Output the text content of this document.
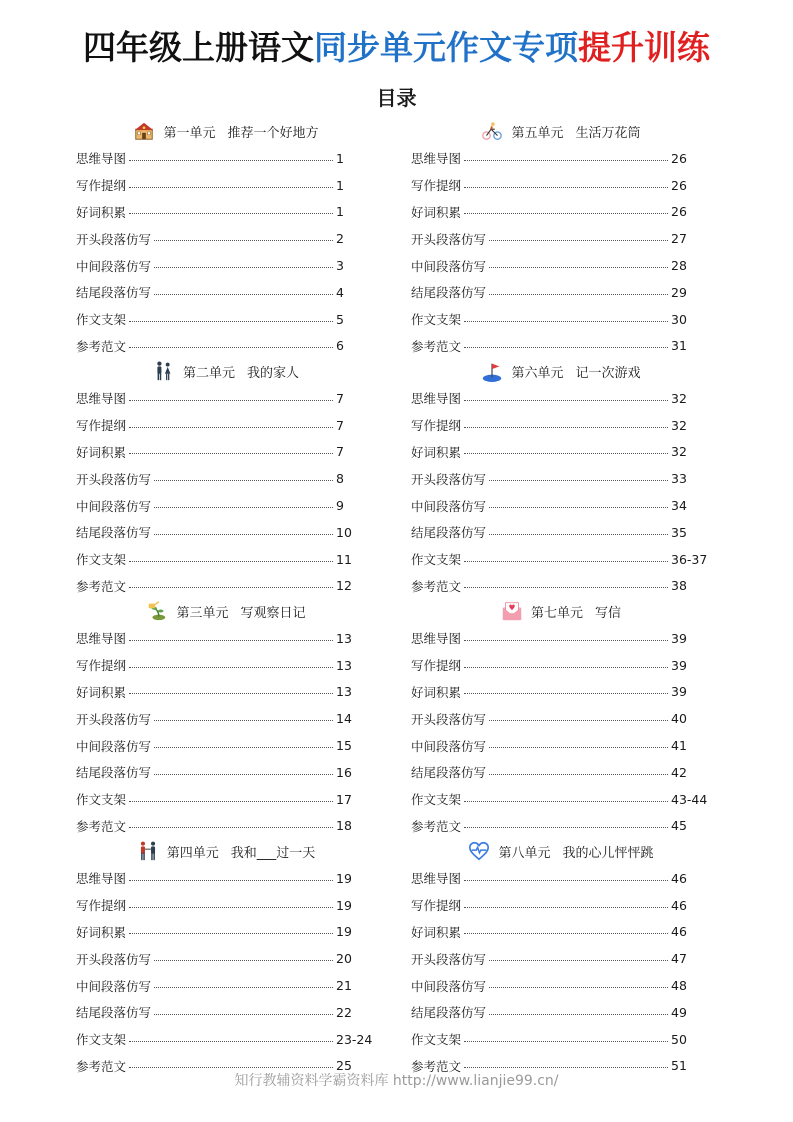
四年级上册语文同步单元作文专项提升训练
目录
第一单元 推荐一个好地方
思维导图	1
写作提纲	1
好词积累	1
开头段落仿写	2
中间段落仿写	3
结尾段落仿写	4
作文支架	5
参考范文	6
第二单元 我的家人
思维导图	7
写作提纲	7
好词积累	7
开头段落仿写	8
中间段落仿写	9
结尾段落仿写	10
作文支架	11
参考范文	12
第三单元 写观察日记
思维导图	13
写作提纲	13
好词积累	13
开头段落仿写	14
中间段落仿写	15
结尾段落仿写	16
作文支架	17
参考范文	18
第四单元 我和___过一天
思维导图	19
写作提纲	19
好词积累	19
开头段落仿写	20
中间段落仿写	21
结尾段落仿写	22
作文支架	23-24
参考范文	25
第五单元 生活万花筒
思维导图	26
写作提纲	26
好词积累	26
开头段落仿写	27
中间段落仿写	28
结尾段落仿写	29
作文支架	30
参考范文	31
第六单元 记一次游戏
思维导图	32
写作提纲	32
好词积累	32
开头段落仿写	33
中间段落仿写	34
结尾段落仿写	35
作文支架	36-37
参考范文	38
第七单元 写信
思维导图	39
写作提纲	39
好词积累	39
开头段落仿写	40
中间段落仿写	41
结尾段落仿写	42
作文支架	43-44
参考范文	45
第八单元 我的心儿怦怦跳
思维导图	46
写作提纲	46
好词积累	46
开头段落仿写	47
中间段落仿写	48
结尾段落仿写	49
作文支架	50
参考范文	51
知行教辅资料学霸资料库 http://www.lianjie99.cn/
